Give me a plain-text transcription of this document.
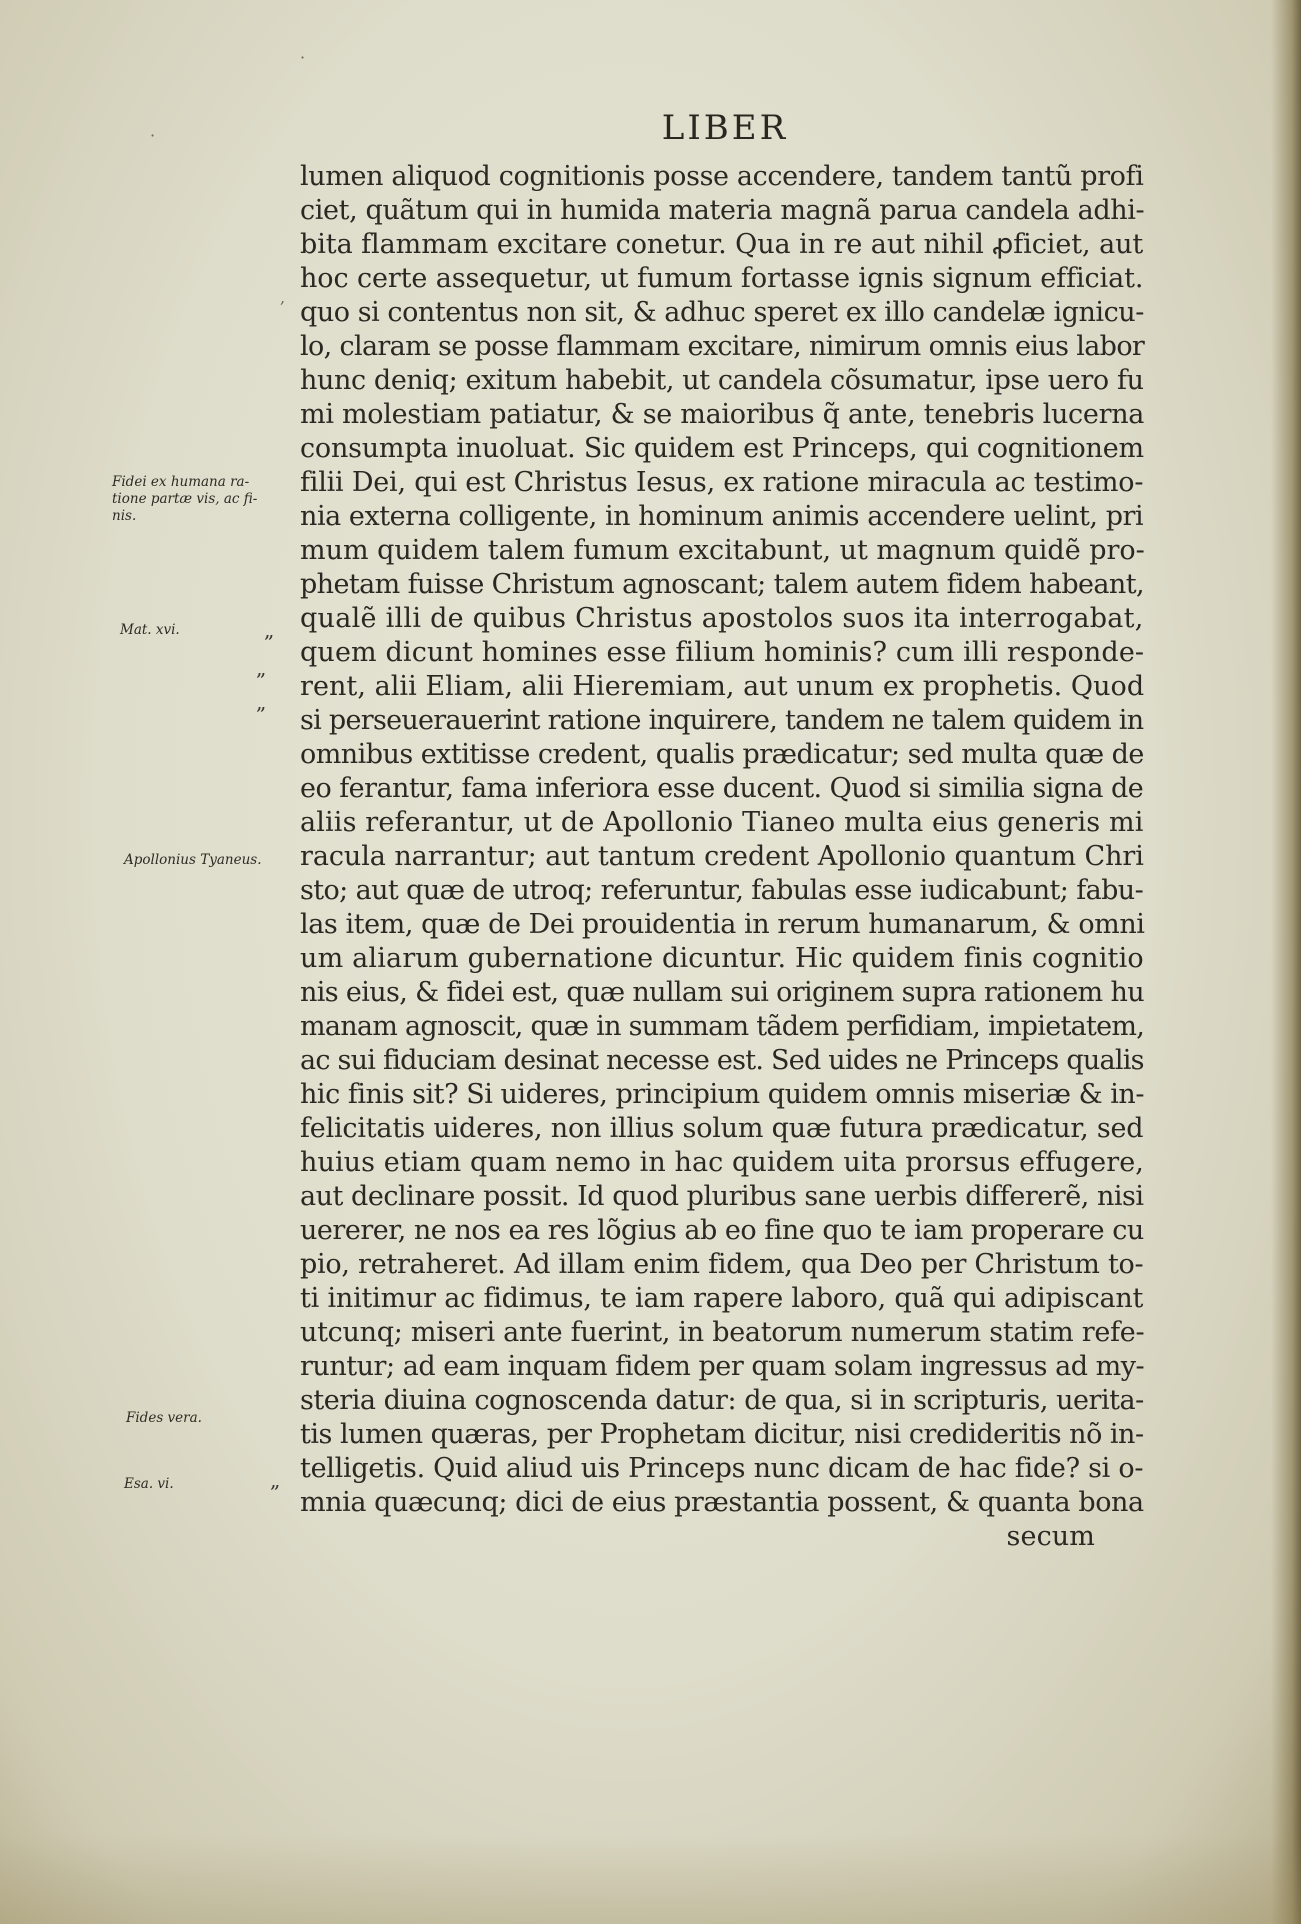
·
·
,
LIBER
lumen aliquod cognitionis posse accendere, tandem tantũ profi
ciet, quãtum qui in humida materia magnã parua candela adhi-
bita flammam excitare conetur. Qua in re aut nihil ꝓficiet, aut
hoc certe assequetur, ut fumum fortasse ignis signum efficiat.
quo si contentus non sit, & adhuc speret ex illo candelæ ignicu-
lo, claram se posse flammam excitare, nimirum omnis eius labor
hunc deniq; exitum habebit, ut candela cõsumatur, ipse uero fu
mi molestiam patiatur, & se maioribus q̃ ante, tenebris lucerna
consumpta inuoluat. Sic quidem est Princeps, qui cognitionem
filii Dei, qui est Christus Iesus, ex ratione miracula ac testimo-
nia externa colligente, in hominum animis accendere uelint, pri
mum quidem talem fumum excitabunt, ut magnum quidẽ pro-
phetam fuisse Christum agnoscant; talem autem fidem habeant,
qualẽ illi de quibus Christus apostolos suos ita interrogabat,
quem dicunt homines esse filium hominis? cum illi responde-
rent, alii Eliam, alii Hieremiam, aut unum ex prophetis. Quod
si perseuerauerint ratione inquirere, tandem ne talem quidem in
omnibus extitisse credent, qualis prædicatur; sed multa quæ de
eo ferantur, fama inferiora esse ducent. Quod si similia signa de
aliis referantur, ut de Apollonio Tianeo multa eius generis mi
racula narrantur; aut tantum credent Apollonio quantum Chri
sto; aut quæ de utroq; referuntur, fabulas esse iudicabunt; fabu-
las item, quæ de Dei prouidentia in rerum humanarum, & omni
um aliarum gubernatione dicuntur. Hic quidem finis cognitio
nis eius, & fidei est, quæ nullam sui originem supra rationem hu
manam agnoscit, quæ in summam tãdem perfidiam, impietatem,
ac sui fiduciam desinat necesse est. Sed uides ne Princeps qualis
hic finis sit? Si uideres, principium quidem omnis miseriæ & in-
felicitatis uideres, non illius solum quæ futura prædicatur, sed
huius etiam quam nemo in hac quidem uita prorsus effugere,
aut declinare possit. Id quod pluribus sane uerbis differerẽ, nisi
uererer, ne nos ea res lõgius ab eo fine quo te iam properare cu
pio, retraheret. Ad illam enim fidem, qua Deo per Christum to-
ti initimur ac fidimus, te iam rapere laboro, quã qui adipiscant
utcunq; miseri ante fuerint, in beatorum numerum statim refe-
runtur; ad eam inquam fidem per quam solam ingressus ad my-
steria diuina cognoscenda datur: de qua, si in scripturis, uerita-
tis lumen quæras, per Prophetam dicitur, nisi credideritis nõ in-
telligetis. Quid aliud uis Princeps nunc dicam de hac fide? si o-
mnia quæcunq; dici de eius præstantia possent, & quanta bona
secum
Fidei ex humana ra-
tione partæ vis, ac fi-
nis.
Mat. xvi.
Apollonius Tyaneus.
Fides vera.
Esa. vi.
„
„
„
„
